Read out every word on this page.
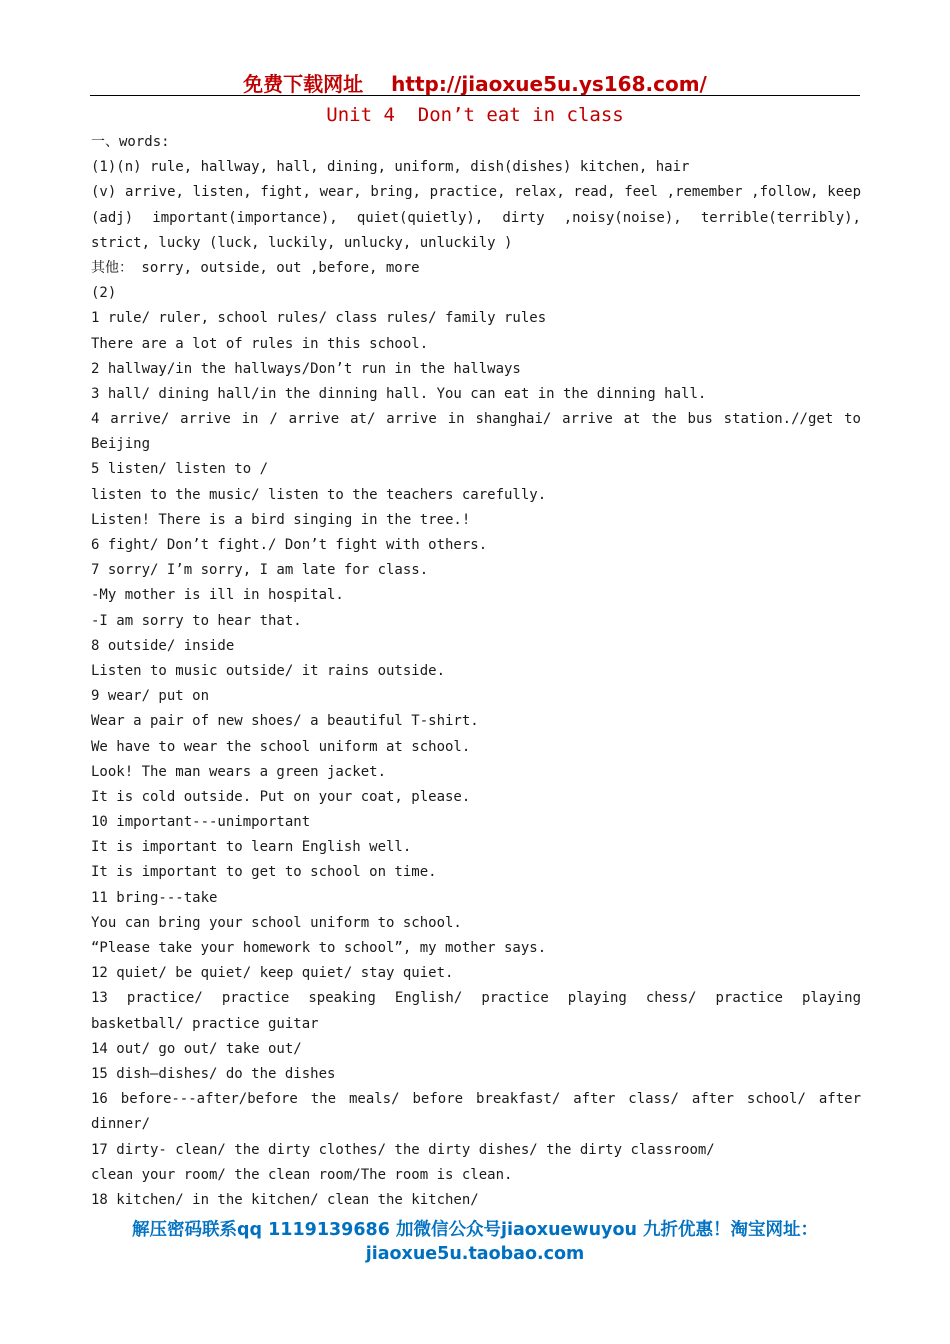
免费下载网址 http://jiaoxue5u.ys168.com/
Unit 4  Don’t eat in class
一、words:
(1)(n) rule, hallway, hall, dining, uniform, dish(dishes) kitchen, hair
(v) arrive, listen, fight, wear, bring, practice, relax, read, feel ,remember ,follow, keep
(adj) important(importance), quiet(quietly), dirty ,noisy(noise), terrible(terribly),
strict, lucky (luck, luckily, unlucky, unluckily )
其他： sorry, outside, out ,before, more
(2)
1 rule/ ruler, school rules/ class rules/ family rules
There are a lot of rules in this school.
2 hallway/in the hallways/Don’t run in the hallways
3 hall/ dining hall/in the dinning hall. You can eat in the dinning hall.
4 arrive/ arrive in / arrive at/ arrive in shanghai/ arrive at the bus station.//get to
Beijing
5 listen/ listen to /
listen to the music/ listen to the teachers carefully.
Listen! There is a bird singing in the tree.!
6 fight/ Don’t fight./ Don’t fight with others.
7 sorry/ I’m sorry, I am late for class.
-My mother is ill in hospital.
-I am sorry to hear that.
8 outside/ inside
Listen to music outside/ it rains outside.
9 wear/ put on
Wear a pair of new shoes/ a beautiful T-shirt.
We have to wear the school uniform at school.
Look! The man wears a green jacket.
It is cold outside. Put on your coat, please.
10 important---unimportant
It is important to learn English well.
It is important to get to school on time.
11 bring---take
You can bring your school uniform to school.
“Please take your homework to school”, my mother says.
12 quiet/ be quiet/ keep quiet/ stay quiet.
13 practice/ practice speaking English/ practice playing chess/ practice playing
basketball/ practice guitar
14 out/ go out/ take out/
15 dish—dishes/ do the dishes
16 before---after/before the meals/ before breakfast/ after class/ after school/ after
dinner/
17 dirty- clean/ the dirty clothes/ the dirty dishes/ the dirty classroom/
clean your room/ the clean room/The room is clean.
18 kitchen/ in the kitchen/ clean the kitchen/
解压密码联系qq 1119139686 加微信公众号jiaoxuewuyou 九折优惠！淘宝网址：jiaoxue5u.taobao.com
